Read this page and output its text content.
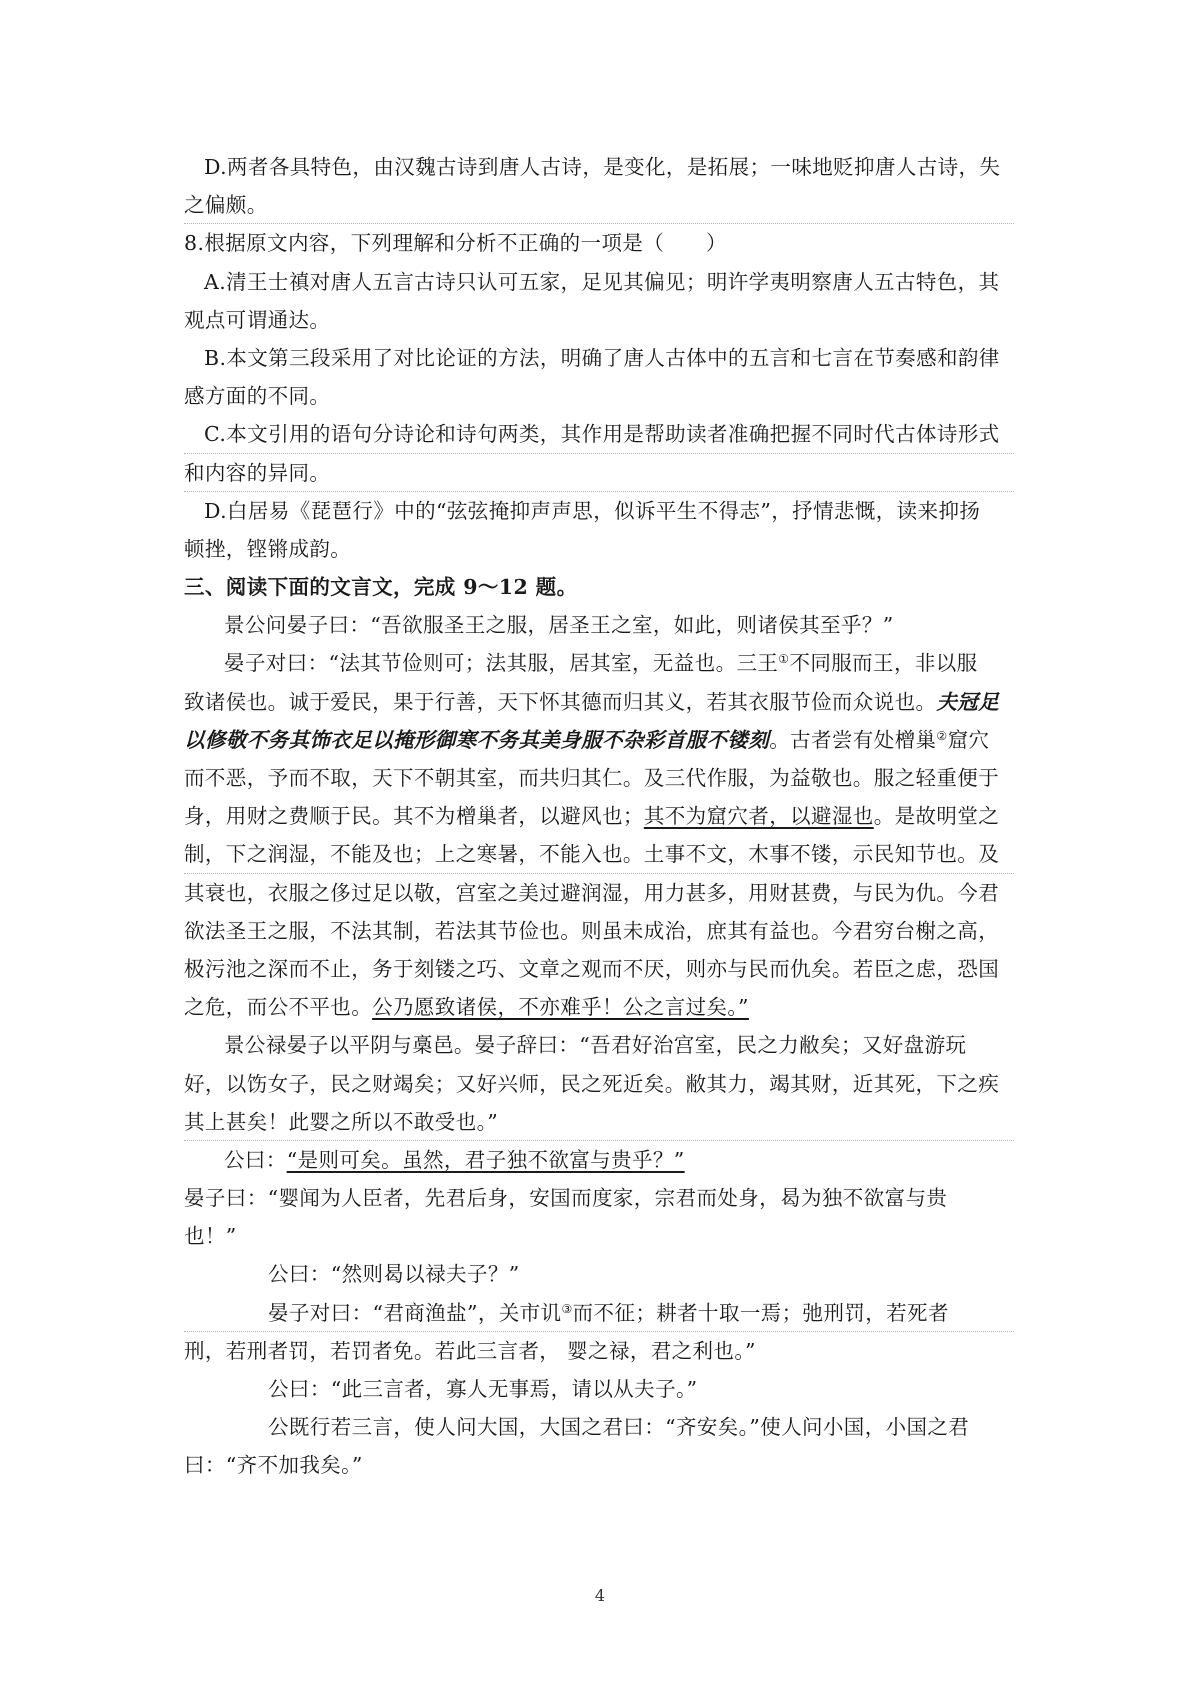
D.两者各具特色，由汉魏古诗到唐人古诗，是变化，是拓展；一味地贬抑唐人古诗，失
之偏颇。
8.根据原文内容，下列理解和分析不正确的一项是（　　）
A.清王士禛对唐人五言古诗只认可五家，足见其偏见；明许学夷明察唐人五古特色，其
观点可谓通达。
B.本文第三段采用了对比论证的方法，明确了唐人古体中的五言和七言在节奏感和韵律
感方面的不同。
C.本文引用的语句分诗论和诗句两类，其作用是帮助读者准确把握不同时代古体诗形式
和内容的异同。
D.白居易《琵琶行》中的“弦弦掩抑声声思，似诉平生不得志”，抒情悲慨，读来抑扬
顿挫，铿锵成韵。
三、阅读下面的文言文，完成 9～12 题。
景公问晏子曰：“吾欲服圣王之服，居圣王之室，如此，则诸侯其至乎？”
晏子对曰：“法其节俭则可；法其服，居其室，无益也。三王①不同服而王，非以服
致诸侯也。诚于爱民，果于行善，天下怀其德而归其义，若其衣服节俭而众说也。夫冠足
以修敬不务其饰衣足以掩形御寒不务其美身服不杂彩首服不镂刻。古者尝有处橧巢②窟穴
而不恶，予而不取，天下不朝其室，而共归其仁。及三代作服，为益敬也。服之轻重便于
身，用财之费顺于民。其不为橧巢者，以避风也；其不为窟穴者，以避湿也。是故明堂之
制，下之润湿，不能及也；上之寒暑，不能入也。土事不文，木事不镂，示民知节也。及
其衰也，衣服之侈过足以敬，宫室之美过避润湿，用力甚多，用财甚费，与民为仇。今君
欲法圣王之服，不法其制，若法其节俭也。则虽未成治，庶其有益也。今君穷台榭之高，
极污池之深而不止，务于刻镂之巧、文章之观而不厌，则亦与民而仇矣。若臣之虑，恐国
之危，而公不平也。公乃愿致诸侯，不亦难乎！公之言过矣。”
景公禄晏子以平阴与槀邑。晏子辞曰：“吾君好治宫室，民之力敝矣；又好盘游玩
好，以饬女子，民之财竭矣；又好兴师，民之死近矣。敝其力，竭其财，近其死，下之疾
其上甚矣！此婴之所以不敢受也。”
公曰：“是则可矣。虽然，君子独不欲富与贵乎？”
晏子曰：“婴闻为人臣者，先君后身，安国而度家，宗君而处身，曷为独不欲富与贵
也！”
公曰：“然则曷以禄夫子？”
晏子对曰：“君商渔盐”，关市讥③而不征；耕者十取一焉；弛刑罚，若死者
刑，若刑者罚，若罚者免。若此三言者， 婴之禄，君之利也。”
公曰：“此三言者，寡人无事焉，请以从夫子。”
公既行若三言，使人问大国，大国之君曰：“齐安矣。”使人问小国，小国之君
曰：“齐不加我矣。”
4
